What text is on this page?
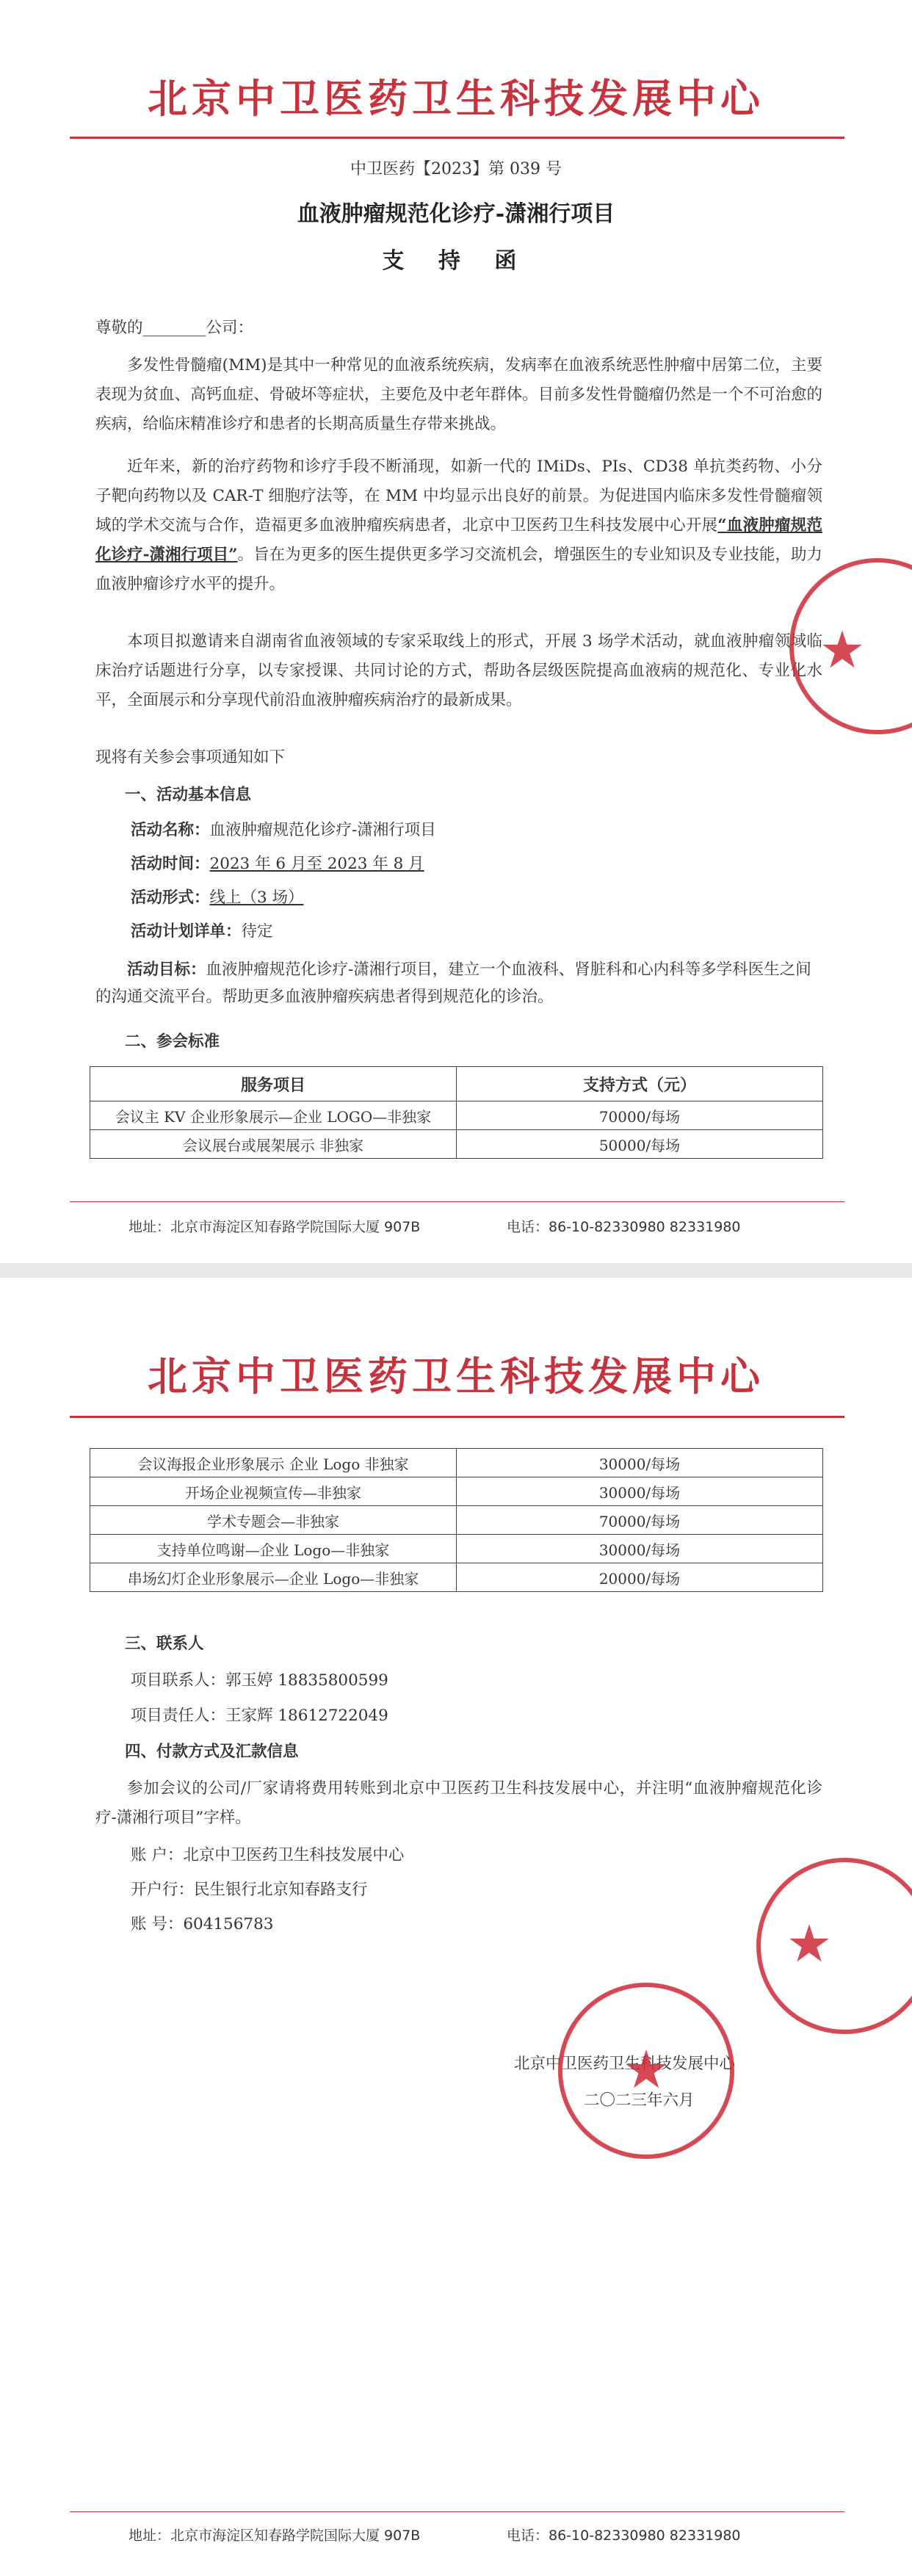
北京中卫医药卫生科技发展中心
中卫医药【2023】第 039 号
血液肿瘤规范化诊疗-潇湘行项目
支 持 函
尊敬的________公司：
多发性骨髓瘤(MM)是其中一种常见的血液系统疾病，发病率在血液系统恶性肿瘤中居第二位，主要表现为贫血、高钙血症、骨破坏等症状，主要危及中老年群体。目前多发性骨髓瘤仍然是一个不可治愈的疾病，给临床精准诊疗和患者的长期高质量生存带来挑战。
近年来，新的治疗药物和诊疗手段不断涌现，如新一代的 IMiDs、PIs、CD38 单抗类药物、小分子靶向药物以及 CAR-T 细胞疗法等，在 MM 中均显示出良好的前景。为促进国内临床多发性骨髓瘤领域的学术交流与合作，造福更多血液肿瘤疾病患者，北京中卫医药卫生科技发展中心开展“血液肿瘤规范化诊疗-潇湘行项目”。旨在为更多的医生提供更多学习交流机会，增强医生的专业知识及专业技能，助力血液肿瘤诊疗水平的提升。
本项目拟邀请来自湖南省血液领域的专家采取线上的形式，开展 3 场学术活动，就血液肿瘤领域临床治疗话题进行分享，以专家授课、共同讨论的方式，帮助各层级医院提高血液病的规范化、专业化水平，全面展示和分享现代前沿血液肿瘤疾病治疗的最新成果。
现将有关参会事项通知如下
一、活动基本信息
活动名称：血液肿瘤规范化诊疗-潇湘行项目
活动时间：2023 年 6 月至 2023 年 8 月
活动形式：线上（3 场）
活动计划详单：待定
活动目标：血液肿瘤规范化诊疗-潇湘行项目，建立一个血液科、肾脏科和心内科等多学科医生之间的沟通交流平台。帮助更多血液肿瘤疾病患者得到规范化的诊治。
二、参会标准
服务项目	支持方式（元）
会议主 KV 企业形象展示—企业 LOGO—非独家	70000/每场
会议展台或展架展示 非独家	50000/每场
地址：北京市海淀区知春路学院国际大厦 907B	电话：86-10-82330980 82331980
★
北京中卫医药卫生科技发展中心
会议海报企业形象展示 企业 Logo 非独家	30000/每场
开场企业视频宣传—非独家	30000/每场
学术专题会—非独家	70000/每场
支持单位鸣谢—企业 Logo—非独家	30000/每场
串场幻灯企业形象展示—企业 Logo—非独家	20000/每场
三、联系人
项目联系人：郭玉婷 18835800599
项目责任人：王家辉 18612722049
四、付款方式及汇款信息
参加会议的公司/厂家请将费用转账到北京中卫医药卫生科技发展中心，并注明“血液肿瘤规范化诊疗-潇湘行项目”字样。
账 户：北京中卫医药卫生科技发展中心
开户行：民生银行北京知春路支行
账 号：604156783
北京中卫医药卫生科技发展中心
二〇二三年六月
★
★
地址：北京市海淀区知春路学院国际大厦 907B	电话：86-10-82330980 82331980
